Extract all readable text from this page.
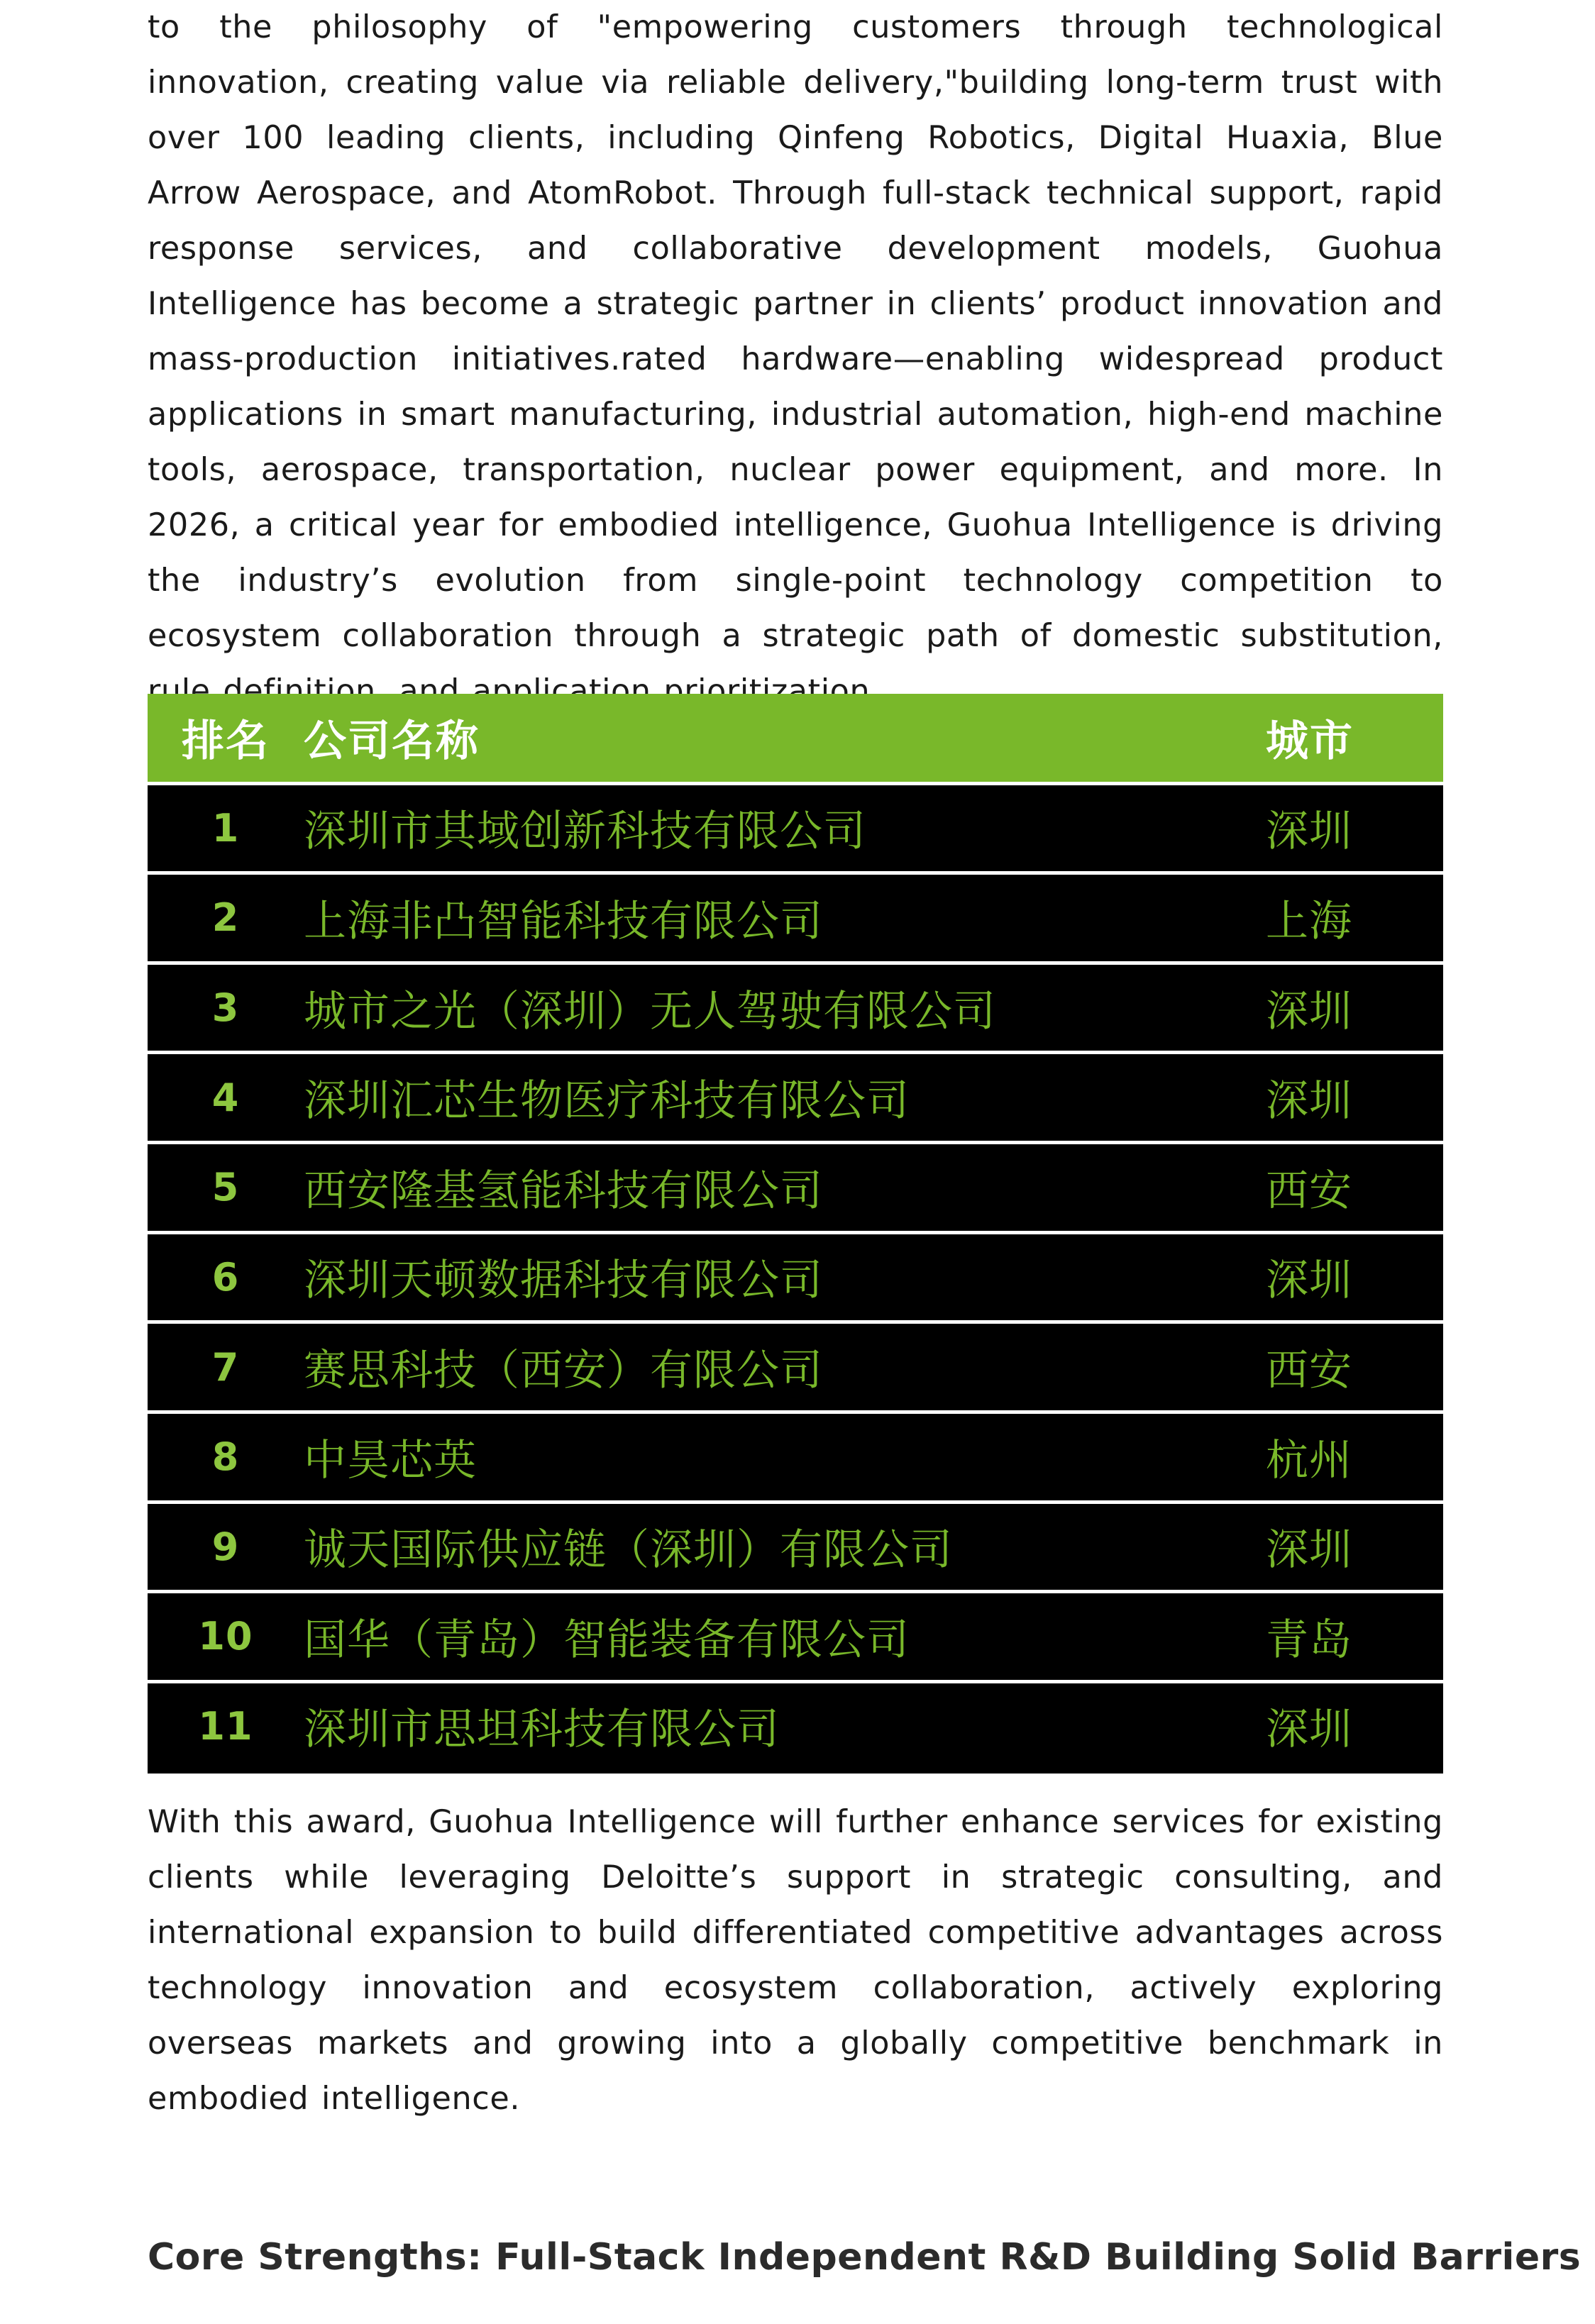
to the philosophy of "empowering customers through technological innovation, creating value via reliable delivery,"building long-term trust with over 100 leading clients, including Qinfeng Robotics, Digital Huaxia, Blue Arrow Aerospace, and AtomRobot. Through full-stack technical support, rapid response services, and collaborative development models, Guohua Intelligence has become a strategic partner in clients’ product innovation and mass-production initiatives.rated hardware—enabling widespread product applications in smart manufacturing, industrial automation, high-end machine tools, aerospace, transportation, nuclear power equipment, and more. In 2026, a critical year for embodied intelligence, Guohua Intelligence is driving the industry’s evolution from single-point technology competition to ecosystem collaboration through a strategic path of domestic substitution, rule definition, and application prioritization.

排名	公司名称	城市
1	深圳市其域创新科技有限公司	深圳
2	上海非凸智能科技有限公司	上海
3	城市之光（深圳）无人驾驶有限公司	深圳
4	深圳汇芯生物医疗科技有限公司	深圳
5	西安隆基氢能科技有限公司	西安
6	深圳天顿数据科技有限公司	深圳
7	赛思科技（西安）有限公司	西安
8	中昊芯英	杭州
9	诚天国际供应链（深圳）有限公司	深圳
10	国华（青岛）智能装备有限公司	青岛
11	深圳市思坦科技有限公司	深圳

With this award, Guohua Intelligence will further enhance services for existing clients while leveraging Deloitte’s support in strategic consulting, and international expansion to build differentiated competitive advantages across technology innovation and ecosystem collaboration, actively exploring overseas markets and growing into a globally competitive benchmark in embodied intelligence.

Core Strengths: Full-Stack Independent R&D Building Solid Barriers
